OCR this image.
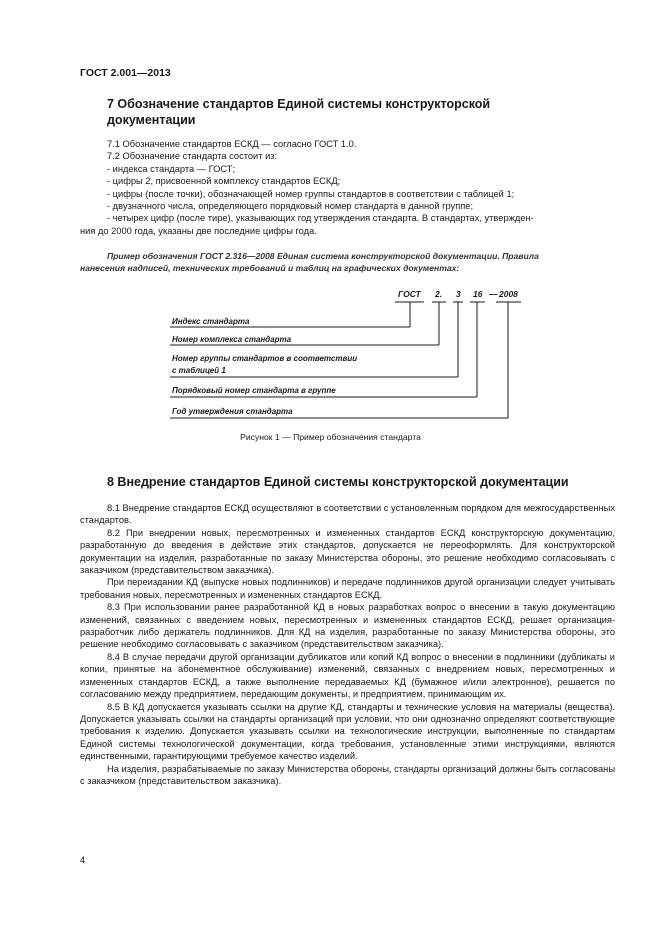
ГОСТ 2.001—2013
7 Обозначение стандартов Единой системы конструкторской
документации
7.1 Обозначение стандартов ЕСКД — согласно ГОСТ 1.0.
7.2 Обозначение стандарта состоит из:
- индекса стандарта — ГОСТ;
- цифры 2, присвоенной комплексу стандартов ЕСКД;
- цифры (после точки), обозначающей номер группы стандартов в соответствии с таблицей 1;
- двузначного числа, определяющего порядковый номер стандарта в данной группе;
- четырех цифр (после тире), указывающих год утверждения стандарта. В стандартах, утвержден-
ния до 2000 года, указаны две последние цифры года.
Пример обозначения ГОСТ 2.316—2008 Единая система конструкторской документации. Правила
нанесения надписей, технических требований и таблиц на графических документах:
ГОСТ 2. 3 16 — 2008
Индекс стандарта
Номер комплекса стандарта
Номер группы стандартов в соответствии
с таблицей 1
Порядковый номер стандарта в группе
Год утверждения стандарта
Рисунок 1 — Пример обозначения стандарта
8 Внедрение стандартов Единой системы конструкторской документации

8.1 Внедрение стандартов ЕСКД осуществляют в соответствии с установленным порядком для межгосударственных стандартов.

8.2 При внедрении новых, пересмотренных и измененных стандартов ЕСКД конструкторскую документацию, разработанную до введения в действие этих стандартов, допускается не переоформлять. Для конструкторской документации на изделия, разработанные по заказу Министерства обороны, это решение необходимо согласовывать с заказчиком (представительством заказчика).

При переиздании КД (выпуске новых подлинников) и передаче подлинников другой организации следует учитывать требования новых, пересмотренных и измененных стандартов ЕСКД.

8.3 При использовании ранее разработанной КД в новых разработках вопрос о внесении в такую документацию изменений, связанных с введением новых, пересмотренных и измененных стандартов ЕСКД, решает организация-разработчик либо держатель подлинников. Для КД на изделия, разработанные по заказу Министерства обороны, это решение необходимо согласовывать с заказчиком (представительством заказчика).

8.4 В случае передачи другой организации дубликатов или копий КД вопрос о внесении в подлинники (дубликаты и копии, принятые на абонементное обслуживание) изменений, связанных с внедрением новых, пересмотренных и измененных стандартов ЕСКД, а также выполнение передаваемых КД (бумажное и/или электронное), решается по согласованию между предприятием, передающим документы, и предприятием, принимающим их.

8.5 В КД допускается указывать ссылки на другие КД, стандарты и технические условия на материалы (вещества). Допускается указывать ссылки на стандарты организаций при условии, что они однозначно определяют соответствующие требования к изделию. Допускается указывать ссылки на технологические инструкции, выполненные по стандартам Единой системы технологической документации, когда требования, установленные этими инструкциями, являются единственными, гарантирующими требуемое качество изделий.

На изделия, разрабатываемые по заказу Министерства обороны, стандарты организаций должны быть согласованы с заказчиком (представительством заказчика).

4
